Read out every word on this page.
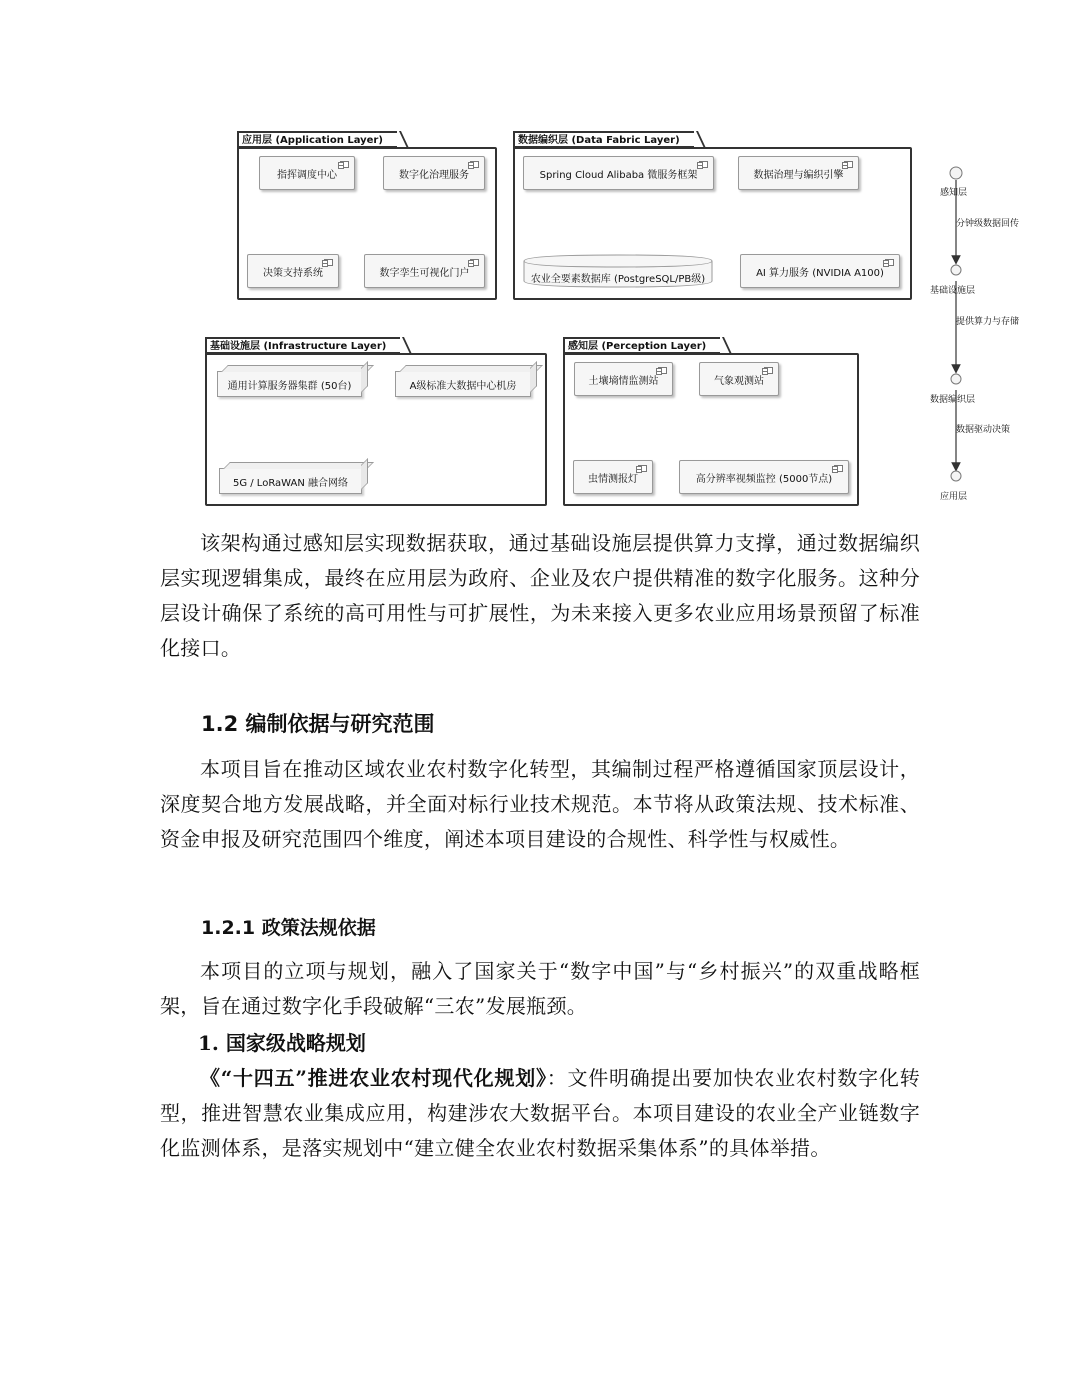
应用层 (Application Layer)
指挥调度中心	数字化治理服务
决策支持系统	数字孪生可视化门户
数据编织层 (Data Fabric Layer)
Spring Cloud Alibaba 微服务框架	数据治理与编织引擎
农业全要素数据库 (PostgreSQL/PB级)
AI 算力服务 (NVIDIA A100)
基础设施层 (Infrastructure Layer)
通用计算服务器集群 (50台)	A级标准大数据中心机房
5G / LoRaWAN 融合网络
感知层 (Perception Layer)
土壤墒情监测站	气象观测站
虫情测报灯	高分辨率视频监控 (5000节点)
感知层
分钟级数据回传
基础设施层
提供算力与存储
数据编织层
数据驱动决策
应用层

该架构通过感知层实现数据获取，通过基础设施层提供算力支撑，通过数据编织层实现逻辑集成，最终在应用层为政府、企业及农户提供精准的数字化服务。这种分层设计确保了系统的高可用性与可扩展性，为未来接入更多农业应用场景预留了标准化接口。

1.2 编制依据与研究范围

本项目旨在推动区域农业农村数字化转型，其编制过程严格遵循国家顶层设计，深度契合地方发展战略，并全面对标行业技术规范。本节将从政策法规、技术标准、资金申报及研究范围四个维度，阐述本项目建设的合规性、科学性与权威性。

1.2.1 政策法规依据

本项目的立项与规划，融入了国家关于“数字中国”与“乡村振兴”的双重战略框架，旨在通过数字化手段破解“三农”发展瓶颈。

1. 国家级战略规划

《“十四五”推进农业农村现代化规划》：文件明确提出要加快农业农村数字化转型，推进智慧农业集成应用，构建涉农大数据平台。本项目建设的农业全产业链数字化监测体系，是落实规划中“建立健全农业农村数据采集体系”的具体举措。
